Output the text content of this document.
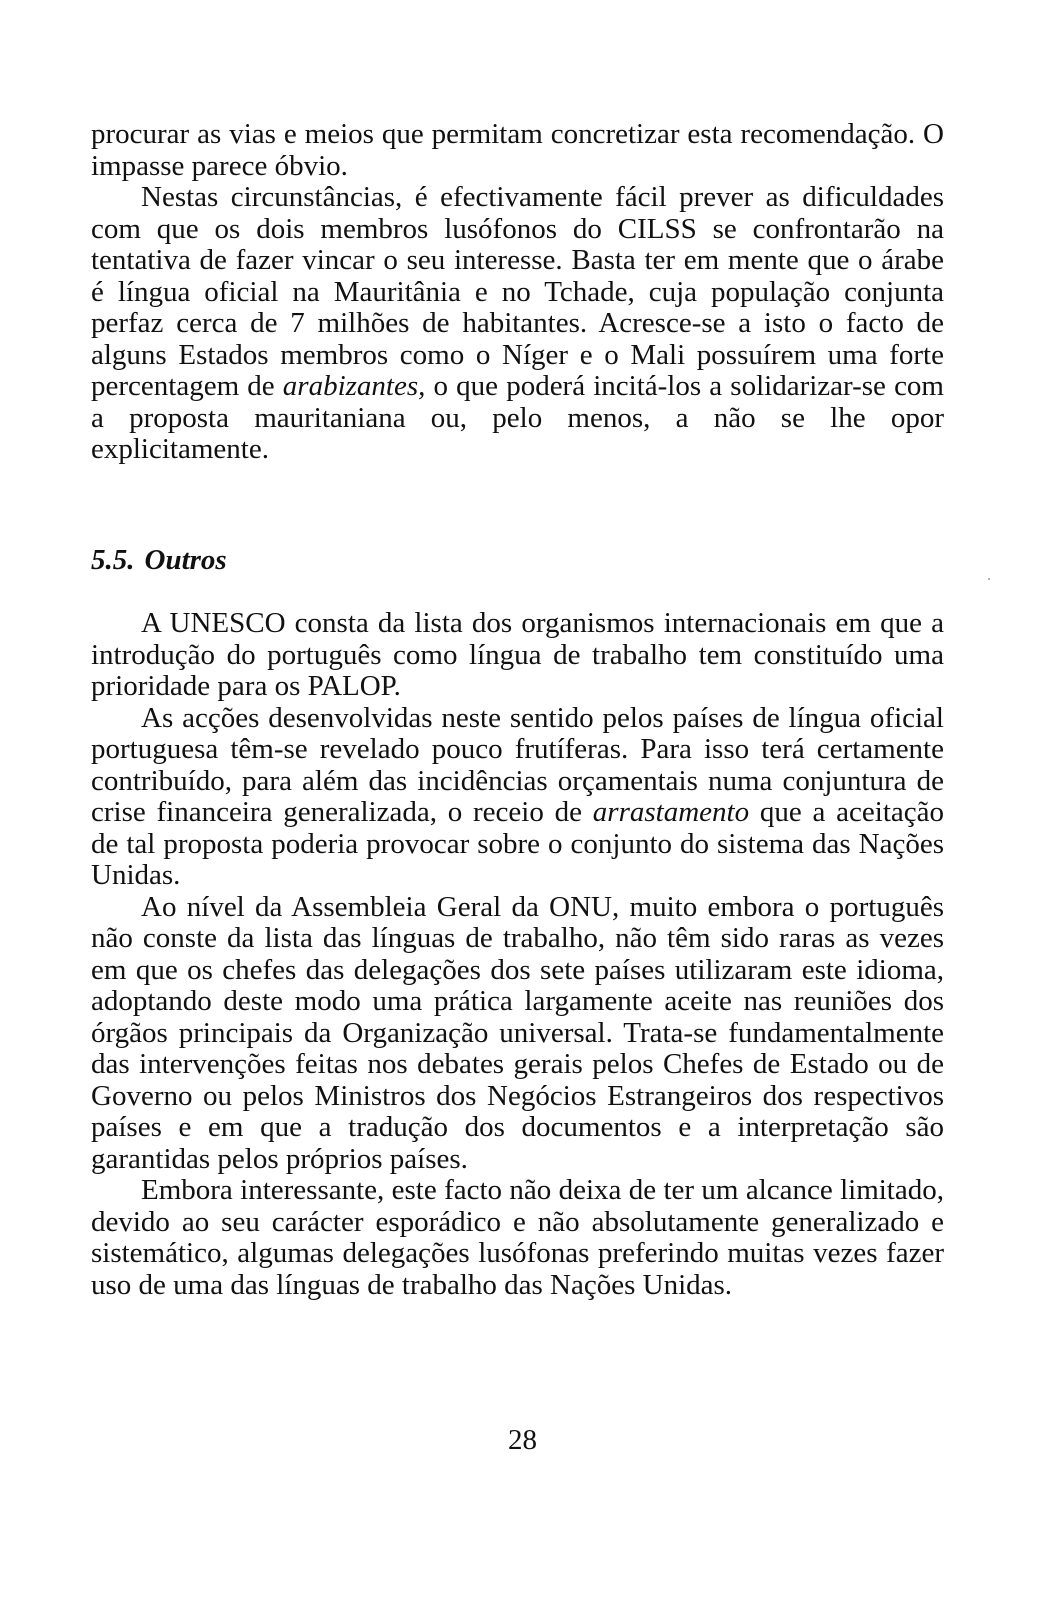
procurar as vias e meios que permitam concretizar esta recomendação. O impasse parece óbvio.

Nestas circunstâncias, é efectivamente fácil prever as dificuldades com que os dois membros lusófonos do CILSS se confrontarão na tentativa de fazer vincar o seu interesse. Basta ter em mente que o árabe é língua oficial na Mauritânia e no Tchade, cuja população conjunta perfaz cerca de 7 milhões de habitantes. Acresce-se a isto o facto de alguns Estados membros como o Níger e o Mali possuírem uma forte percentagem de arabizantes, o que poderá incitá-los a solidarizar-se com a proposta mauritaniana ou, pelo menos, a não se lhe opor explicitamente.

5.5. Outros

A UNESCO consta da lista dos organismos internacionais em que a introdução do português como língua de trabalho tem constituído uma prioridade para os PALOP.

As acções desenvolvidas neste sentido pelos países de língua oficial portuguesa têm-se revelado pouco frutíferas. Para isso terá certamente contribuído, para além das incidências orçamentais numa conjuntura de crise financeira generalizada, o receio de arrastamento que a aceitação de tal proposta poderia provocar sobre o conjunto do sistema das Nações Unidas.

Ao nível da Assembleia Geral da ONU, muito embora o português não conste da lista das línguas de trabalho, não têm sido raras as vezes em que os chefes das delegações dos sete países utilizaram este idioma, adoptando deste modo uma prática largamente aceite nas reuniões dos órgãos principais da Organização universal. Trata-se fundamentalmente das intervenções feitas nos debates gerais pelos Chefes de Estado ou de Governo ou pelos Ministros dos Negócios Estrangeiros dos respectivos países e em que a tradução dos documentos e a interpretação são garantidas pelos próprios países.

Embora interessante, este facto não deixa de ter um alcance limitado, devido ao seu carácter esporádico e não absolutamente generalizado e sistemático, algumas delegações lusófonas preferindo muitas vezes fazer uso de uma das línguas de trabalho das Nações Unidas.

28
